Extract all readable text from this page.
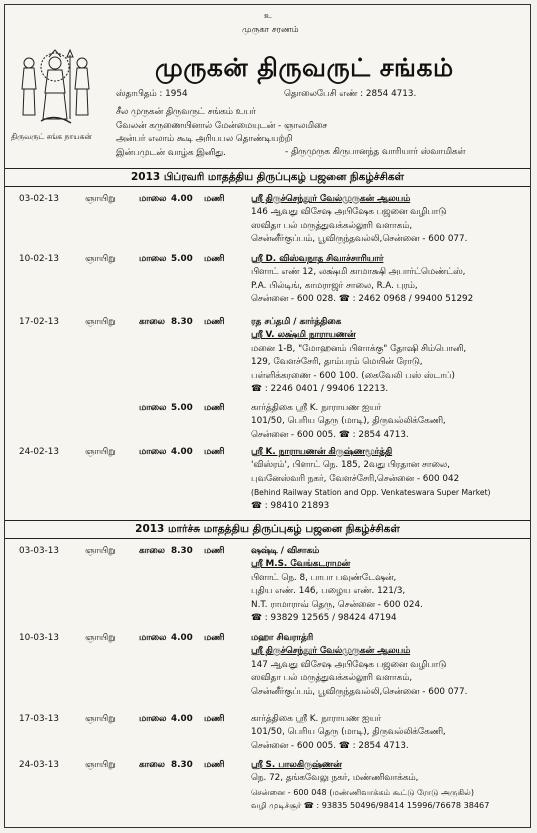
உ
முருகா சரணம்
திருவருட் சங்க நாயகன்
முருகன் திருவருட் சங்கம்
ஸ்தாபிதம் : 1954	தொலைபேசி எண் : 2854 4713.
சீல முருகன் திருவருட் சங்கம் உயர்
வேலன் கருணையினால் மேன்மையுடன் - ஞாலமிசை
அன்பர் எலாம் கூடி அரியபல தொண்டியற்றி
இன்பமுடன் வாழ்க இனிது.	- திருமுருக கிருபானந்த வாரியார் ஸ்வாமிகள்
2013 பிப்ரவரி மாதத்திய திருப்புகழ் பஜனை நிகழ்ச்சிகள்
03-02-13	ஞாயிறு	மாலை 4.00 மணி	ஸ்ரீ திருச்செந்தூர் வேல்முருகன் ஆலயம்
146 ஆவது விசேஷ அபிஷேக பஜனை வழிபாடு
ஸவிதா பல் மருத்துவக்கல்லூரி வளாகம்,
சென்னீர்குப்பம், பூவிருந்தவல்லி,சென்னை - 600 077.
10-02-13	ஞாயிறு	மாலை 5.00 மணி	ஸ்ரீ D. விஸ்வநாத சிவாச்சாரியார்
பிளாட் எண் 12, லக்ஷ்மி காமாக்ஷி அபார்ட்மெண்ட்ஸ்,
P.A. பில்டிங், காமராஜர் சாலை, R.A. புரம்,
சென்னை - 600 028. ☎ : 2462 0968 / 99400 51292
17-02-13	ஞாயிறு	காலை 8.30 மணி	ரத சப்தமி / கார்த்திகை
ஸ்ரீ V. லக்ஷ்மி நாராயணன்
மனை 1-B, "மோஹனம் பிளாக்கு" தோஷி சிம்பொனி,
129, வேளச்சேரி, தாம்பரம் மெயின் ரோடு,
பள்ளிக்கரணை - 600 100. (கைவேலி பஸ் ஸ்டாப்)
☎ : 2246 0401 / 99406 12213.
மாலை 5.00 மணி	கார்த்திகை ஸ்ரீ K. நாராயண ஐயர்
101/50, பெரிய தெரு (மாடி), திருவல்லிக்கேணி,
சென்னை - 600 005. ☎ : 2854 4713.
24-02-13	ஞாயிறு	மாலை 4.00 மணி	ஸ்ரீ K. நாராயணன் கிருஷ்ணமூர்த்தி
'விஸ்ரம்', பிளாட் நெ. 185, 2வது பிரதான சாலை,
புவனேஸ்வரி நகர், வேளச்சேரி,சென்னை - 600 042
(Behind Railway Station and Opp. Venkateswara Super Market)
☎ : 98410 21893
2013 மார்ச்சு மாதத்திய திருப்புகழ் பஜனை நிகழ்ச்சிகள்
03-03-13	ஞாயிறு	காலை 8.30 மணி	ஷஷ்டி / விசாகம்
ஸ்ரீ M.S. வேங்கடராமன்
பிளாட் நெ. 8, பாபா பவுண்டேஷன்,
புதிய எண். 146, பழைய எண். 121/3,
N.T. ராமாராவ் தெரு, சென்னை - 600 024.
☎ : 93829 12565 / 98424 47194
10-03-13	ஞாயிறு	மாலை 4.00 மணி	மஹா சிவராத்ரி
ஸ்ரீ திருச்செந்தூர் வேல்முருகன் ஆலயம்
147 ஆவது விசேஷ அபிஷேக பஜனை வழிபாடு
ஸவிதா பல் மருத்துவக்கல்லூரி வளாகம்,
சென்னீர்குப்பம், பூவிருந்தவல்லி,சென்னை - 600 077.
17-03-13	ஞாயிறு	மாலை 4.00 மணி	கார்த்திகை ஸ்ரீ K. நாராயண ஐயர்
101/50, பெரிய தெரு (மாடி), திருவல்லிக்கேணி,
சென்னை - 600 005. ☎ : 2854 4713.
24-03-13	ஞாயிறு	காலை 8.30 மணி	ஸ்ரீ S. பாலகிருஷ்ணன்
நெ. 72, தங்கவேலு நகர், மண்ணிவாக்கம்,
சென்னை - 600 048 (மண்ணிவாக்கம் கூட்டு ரோடு அருகில்)
வழி முடிச்சூர் ☎ : 93835 50496/98414 15996/76678 38467
